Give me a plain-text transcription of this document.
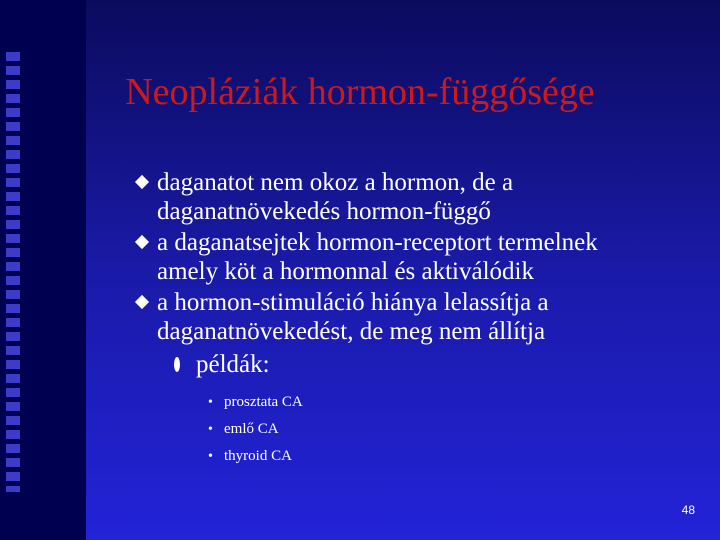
Neopláziák hormon-függősége
daganatot nem okoz a hormon, de a
daganatnövekedés hormon-függő
a daganatsejtek hormon-receptort termelnek
amely köt a hormonnal és aktiválódik
a hormon-stimuláció hiánya lelassítja a
daganatnövekedést, de meg nem állítja
példák:
• prosztata CA
• emlő CA
• thyroid CA
48
